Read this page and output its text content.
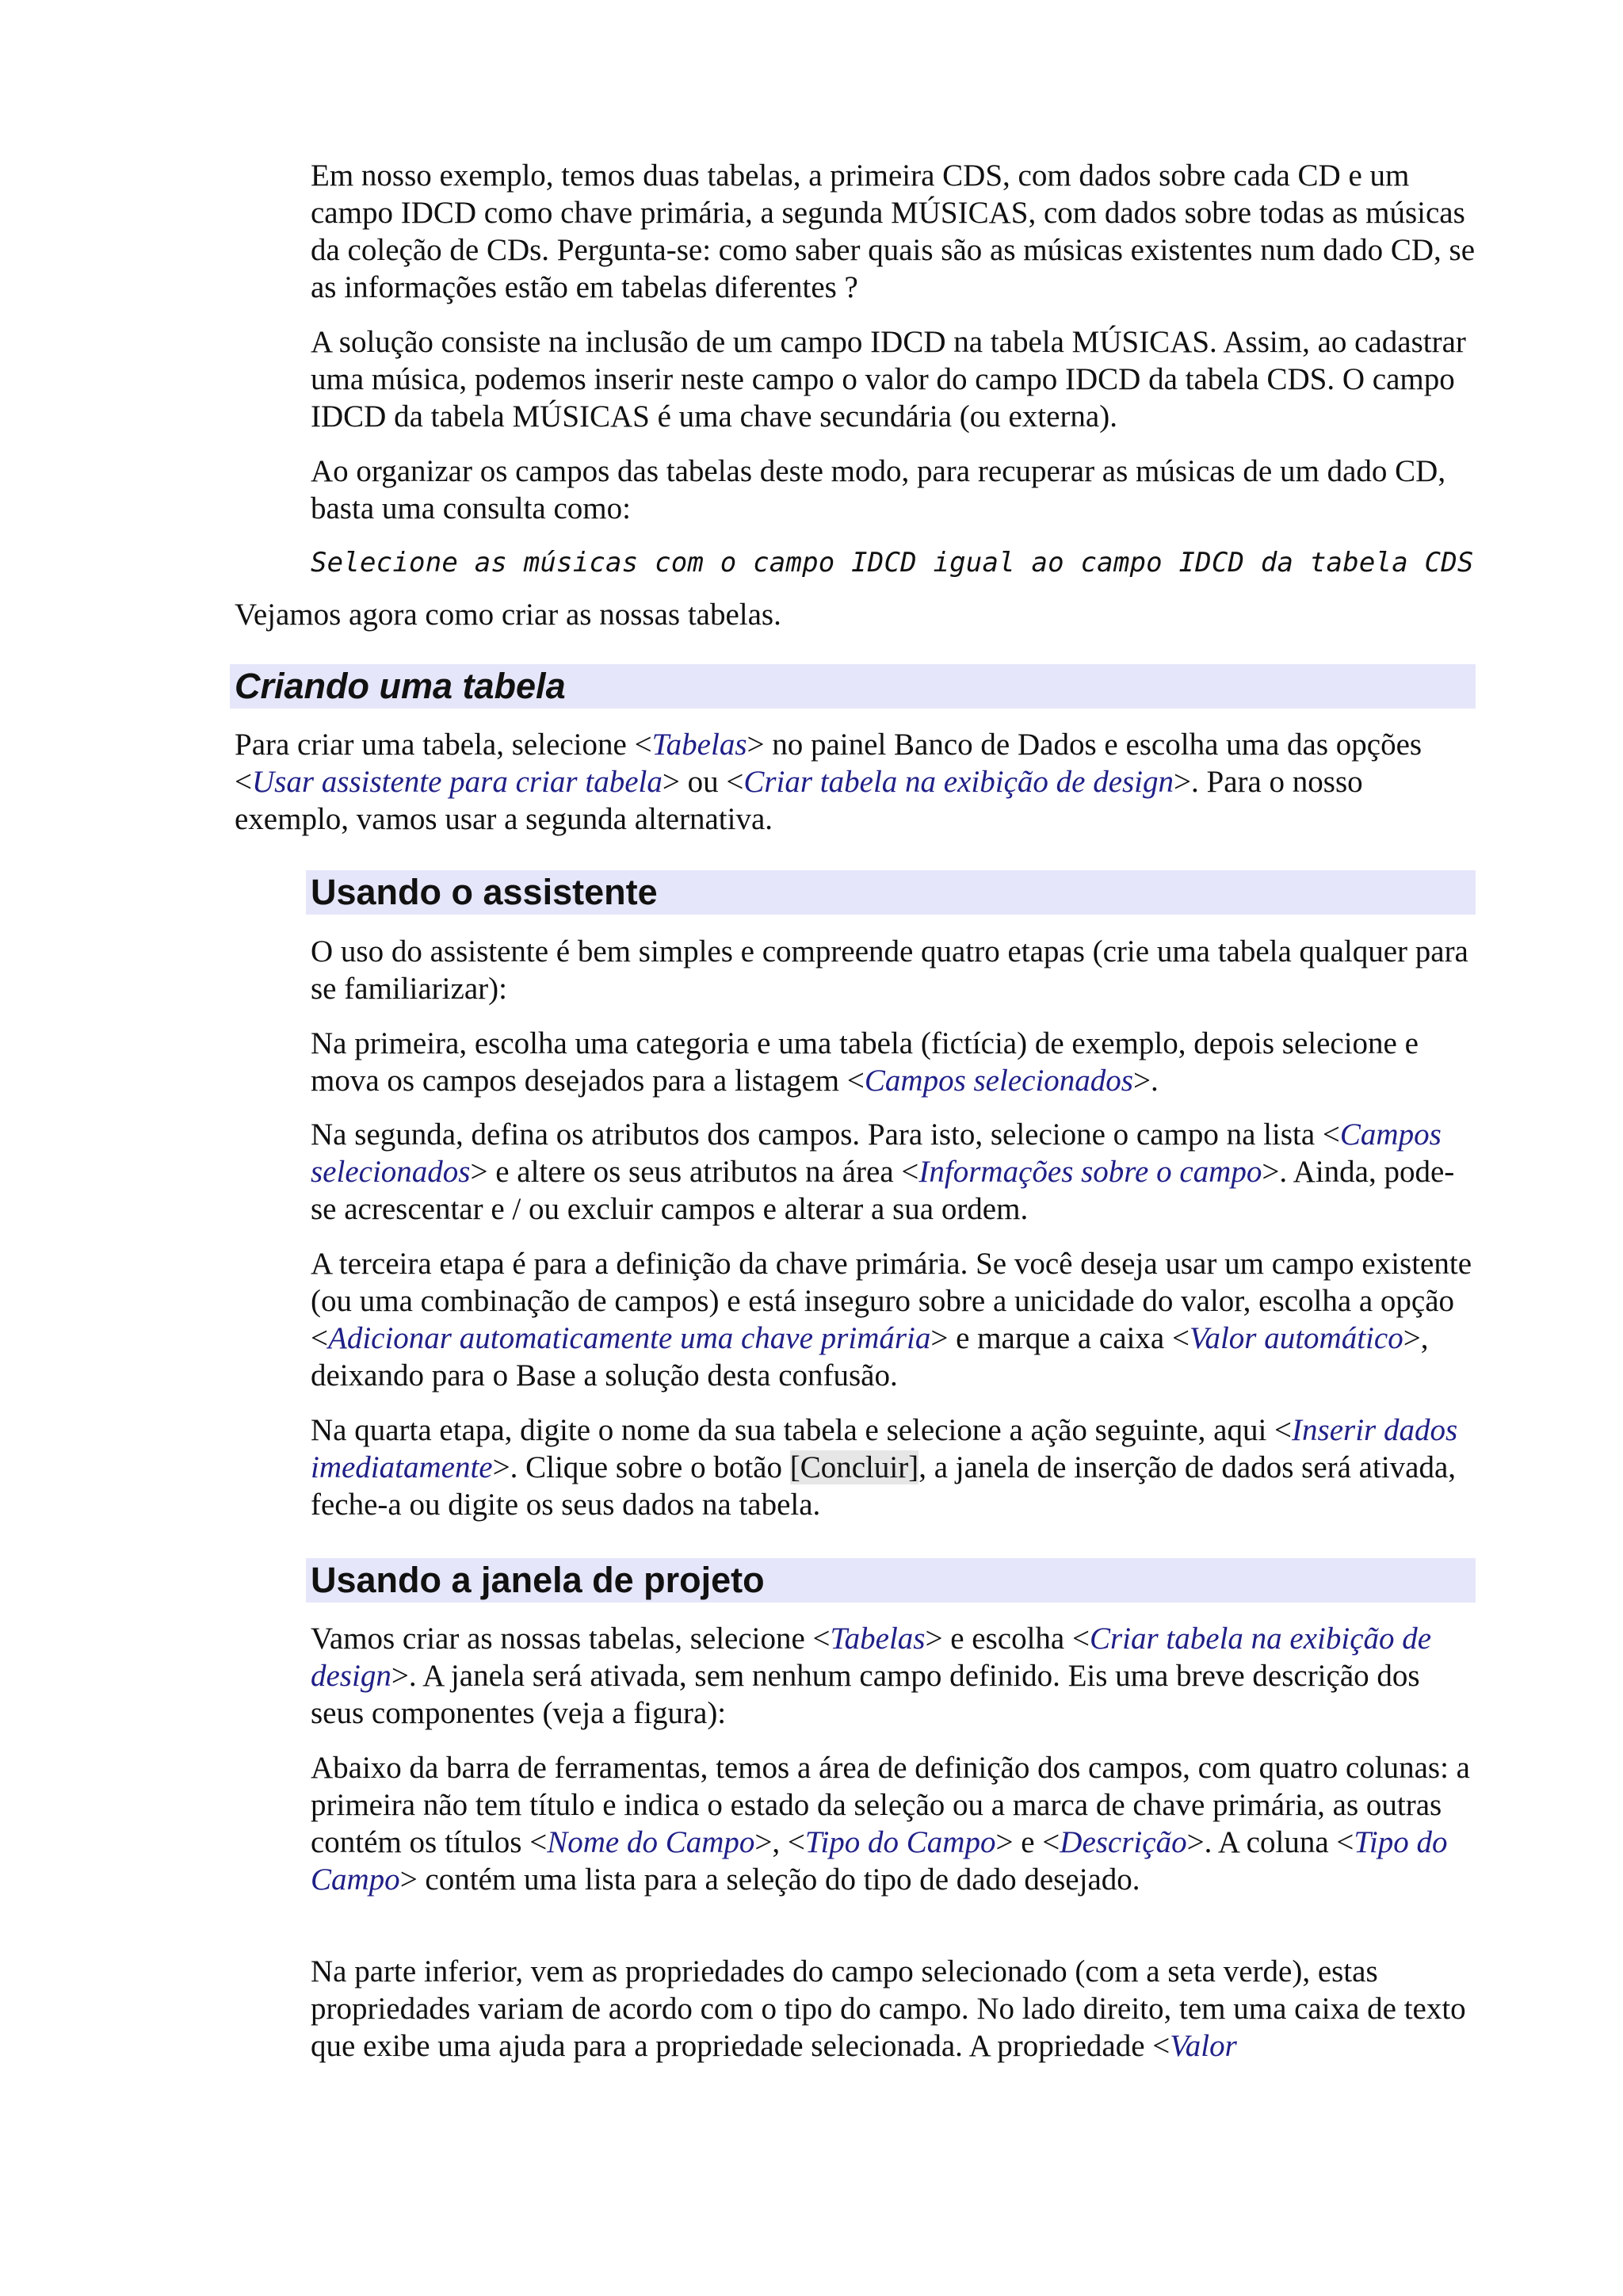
Em nosso exemplo, temos duas tabelas, a primeira CDS, com dados sobre cada CD e um campo IDCD como chave primária, a segunda MÚSICAS, com dados sobre todas as músicas da coleção de CDs. Pergunta-se: como saber quais são as músicas existentes num dado CD, se as informações estão em tabelas diferentes ?

A solução consiste na inclusão de um campo IDCD na tabela MÚSICAS. Assim, ao cadastrar uma música, podemos inserir neste campo o valor do campo IDCD da tabela CDS. O campo IDCD da tabela MÚSICAS é uma chave secundária (ou externa).

Ao organizar os campos das tabelas deste modo, para recuperar as músicas de um dado CD, basta uma consulta como:

Selecione as músicas com o campo IDCD igual ao campo IDCD da tabela CDS

Vejamos agora como criar as nossas tabelas.

Criando uma tabela

Para criar uma tabela, selecione <Tabelas> no painel Banco de Dados e escolha uma das opções <Usar assistente para criar tabela> ou <Criar tabela na exibição de design>. Para o nosso exemplo, vamos usar a segunda alternativa.

Usando o assistente

O uso do assistente é bem simples e compreende quatro etapas (crie uma tabela qualquer para se familiarizar):

Na primeira, escolha uma categoria e uma tabela (fictícia) de exemplo, depois selecione e mova os campos desejados para a listagem <Campos selecionados>.

Na segunda, defina os atributos dos campos. Para isto, selecione o campo na lista <Campos selecionados> e altere os seus atributos na área <Informações sobre o campo>. Ainda, pode-se acrescentar e / ou excluir campos e alterar a sua ordem.

A terceira etapa é para a definição da chave primária. Se você deseja usar um campo existente (ou uma combinação de campos) e está inseguro sobre a unicidade do valor, escolha a opção <Adicionar automaticamente uma chave primária> e marque a caixa <Valor automático>, deixando para o Base a solução desta confusão.

Na quarta etapa, digite o nome da sua tabela e selecione a ação seguinte, aqui <Inserir dados imediatamente>. Clique sobre o botão [Concluir], a janela de inserção de dados será ativada, feche-a ou digite os seus dados na tabela.

Usando a janela de projeto

Vamos criar as nossas tabelas, selecione <Tabelas> e escolha <Criar tabela na exibição de design>. A janela será ativada, sem nenhum campo definido. Eis uma breve descrição dos seus componentes (veja a figura):

Abaixo da barra de ferramentas, temos a área de definição dos campos, com quatro colunas: a primeira não tem título e indica o estado da seleção ou a marca de chave primária, as outras contém os títulos <Nome do Campo>, <Tipo do Campo> e <Descrição>. A coluna <Tipo do Campo> contém uma lista para a seleção do tipo de dado desejado.

Na parte inferior, vem as propriedades do campo selecionado (com a seta verde), estas propriedades variam de acordo com o tipo do campo. No lado direito, tem uma caixa de texto que exibe uma ajuda para a propriedade selecionada. A propriedade <Valor
